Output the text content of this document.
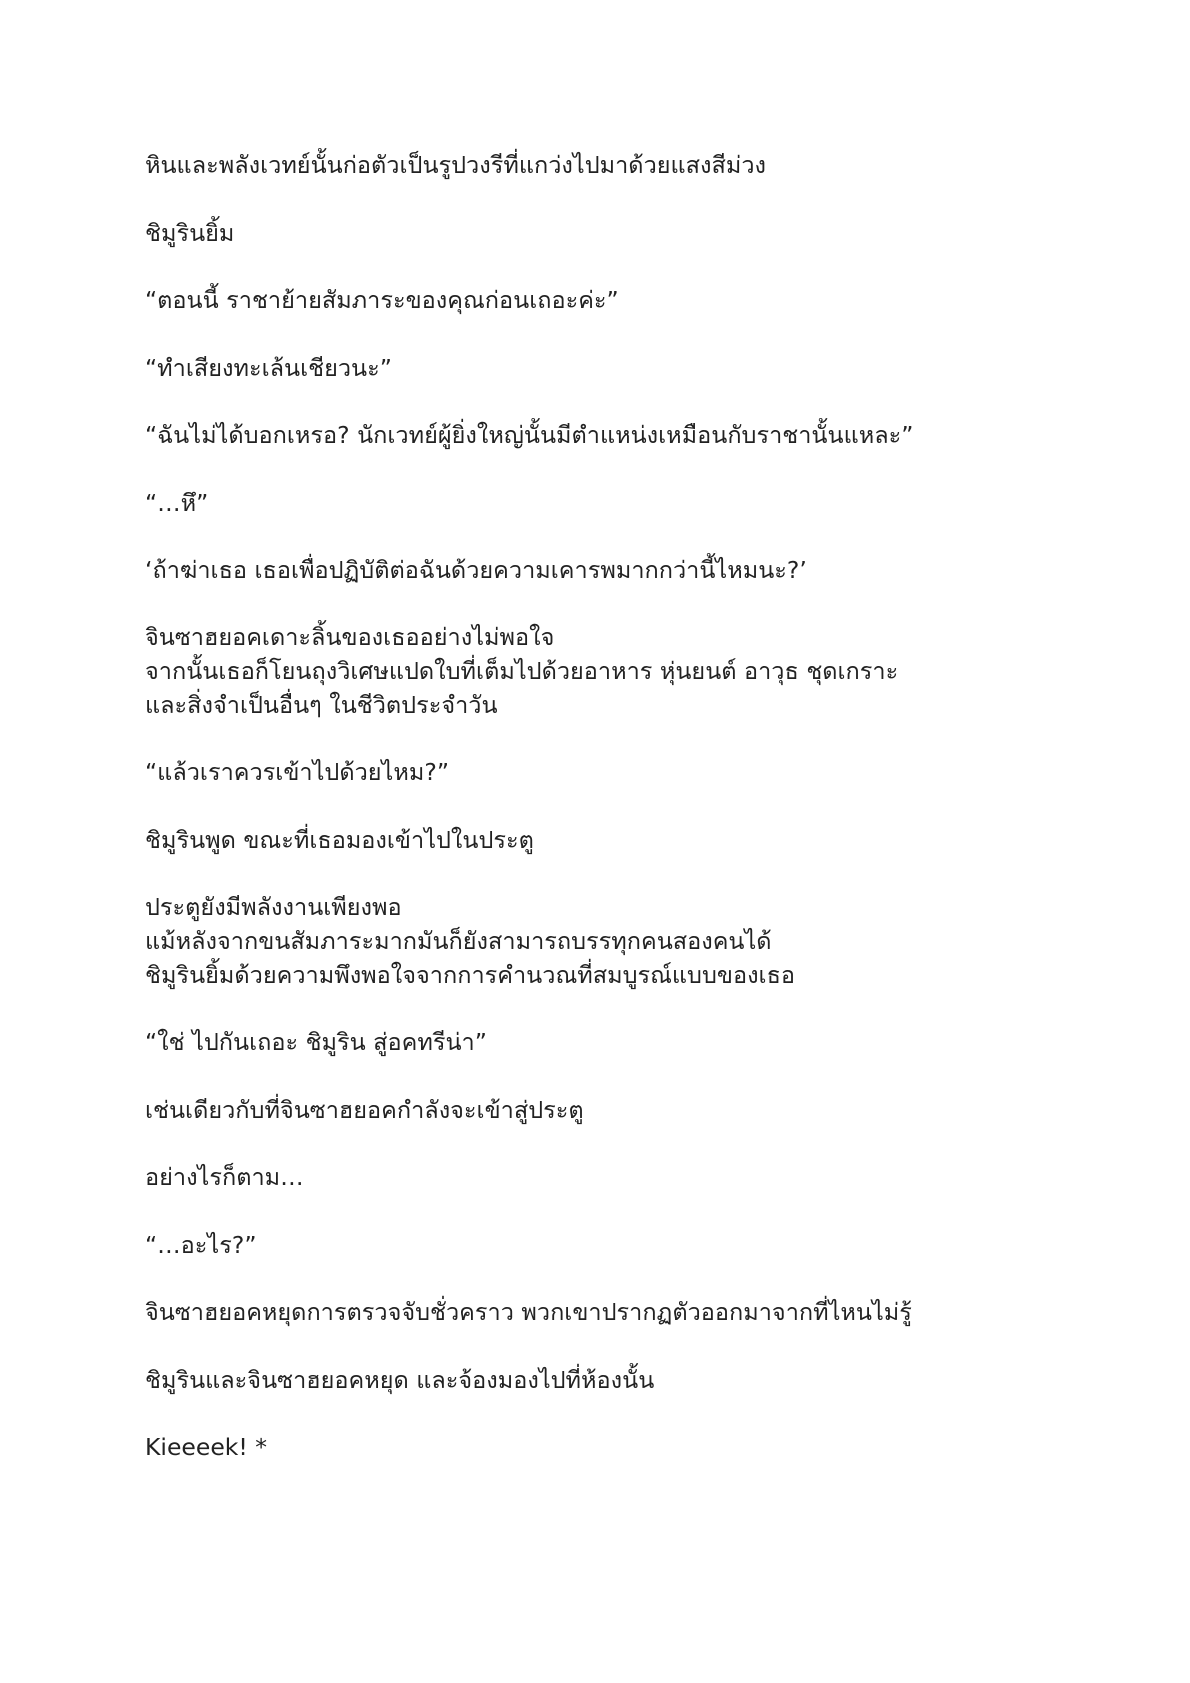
หินและพลังเวทย์นั้นก่อตัวเป็นรูปวงรีที่แกว่งไปมาด้วยแสงสีม่วง

ชิมูรินยิ้ม

“ตอนนี้ ราชาย้ายสัมภาระของคุณก่อนเถอะค่ะ”

“ทำเสียงทะเล้นเชียวนะ”

“ฉันไม่ได้บอกเหรอ? นักเวทย์ผู้ยิ่งใหญ่นั้นมีตำแหน่งเหมือนกับราชานั้นแหละ”

“…หึ”

‘ถ้าฆ่าเธอ เธอเพื่อปฏิบัติต่อฉันด้วยความเคารพมากกว่านี้ไหมนะ?’

จินซาฮยอคเดาะลิ้นของเธออย่างไม่พอใจ
จากนั้นเธอก็โยนถุงวิเศษแปดใบที่เต็มไปด้วยอาหาร หุ่นยนต์ อาวุธ ชุดเกราะ
และสิ่งจำเป็นอื่นๆ ในชีวิตประจำวัน

“แล้วเราควรเข้าไปด้วยไหม?”

ชิมูรินพูด ขณะที่เธอมองเข้าไปในประตู

ประตูยังมีพลังงานเพียงพอ
แม้หลังจากขนสัมภาระมากมันก็ยังสามารถบรรทุกคนสองคนได้
ชิมูรินยิ้มด้วยความพึงพอใจจากการคำนวณที่สมบูรณ์แบบของเธอ

“ใช่ ไปกันเถอะ ชิมูริน สู่อคทรีน่า”

เช่นเดียวกับที่จินซาฮยอคกำลังจะเข้าสู่ประตู

อย่างไรก็ตาม…

“…อะไร?”

จินซาฮยอคหยุดการตรวจจับชั่วคราว พวกเขาปรากฏตัวออกมาจากที่ไหนไม่รู้

ชิมูรินและจินซาฮยอคหยุด และจ้องมองไปที่ห้องนั้น

Kieeeek! *
